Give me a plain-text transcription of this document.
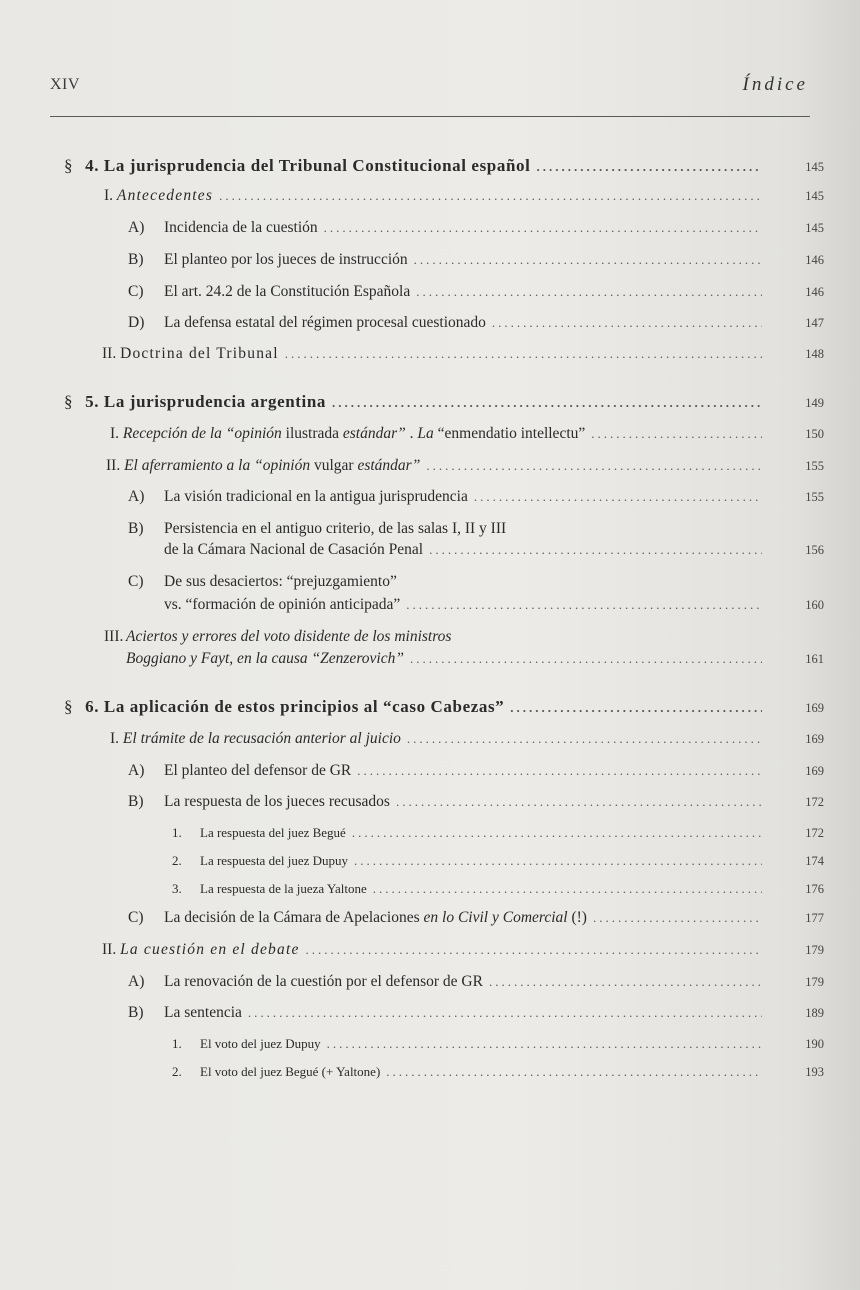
XIV	Índice
§ 4. La jurisprudencia del Tribunal Constitucional español .....	145
I. Antecedentes .....	145
A) Incidencia de la cuestión .....	145
B) El planteo por los jueces de instrucción .....	146
C) El art. 24.2 de la Constitución Española .....	146
D) La defensa estatal del régimen procesal cuestionado .....	147
II. Doctrina del Tribunal .....	148
§ 5. La jurisprudencia argentina .....	149
I. Recepción de la “opinión ilustrada estándar” . La “enmendatio intellectu” .....	150
II. El aferramiento a la “opinión vulgar estándar” .....	155
A) La visión tradicional en la antigua jurisprudencia .....	155
B) Persistencia en el antiguo criterio, de las salas I, II y III
de la Cámara Nacional de Casación Penal .....	156
C) De sus desaciertos: “prejuzgamiento”
vs. “formación de opinión anticipada” .....	160
III. Aciertos y errores del voto disidente de los ministros
Boggiano y Fayt, en la causa “Zenzerovich” .....	161
§ 6. La aplicación de estos principios al “caso Cabezas” .....	169
I. El trámite de la recusación anterior al juicio .....	169
A) El planteo del defensor de GR .....	169
B) La respuesta de los jueces recusados .....	172
1. La respuesta del juez Begué .....	172
2. La respuesta del juez Dupuy .....	174
3. La respuesta de la jueza Yaltone .....	176
C) La decisión de la Cámara de Apelaciones en lo Civil y Comercial (!) .....	177
II. La cuestión en el debate .....	179
A) La renovación de la cuestión por el defensor de GR .....	179
B) La sentencia .....	189
1. El voto del juez Dupuy .....	190
2. El voto del juez Begué (+ Yaltone) .....	193
